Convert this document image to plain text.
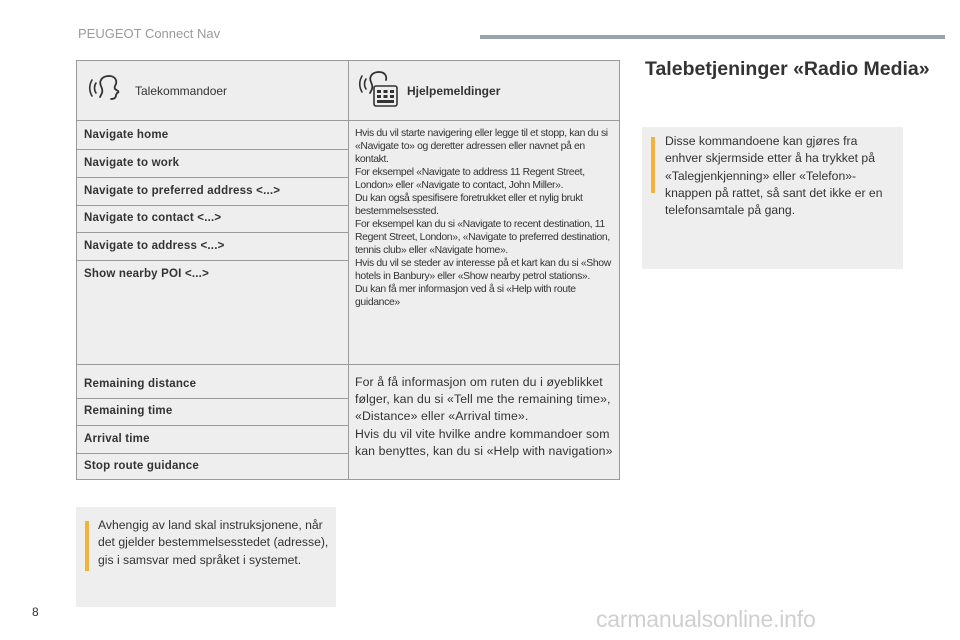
PEUGEOT Connect Nav
Talekommandoer	Hjelpemeldinger
Navigate home
Navigate to work
Navigate to preferred address <...>
Navigate to contact <...>
Navigate to address <...>
Show nearby POI <...>
Hvis du vil starte navigering eller legge til et stopp, kan du si «Navigate to» og deretter adressen eller navnet på en kontakt.
For eksempel «Navigate to address 11 Regent Street, London» eller «Navigate to contact, John Miller».
Du kan også spesifisere foretrukket eller et nylig brukt bestemmelsessted.
For eksempel kan du si «Navigate to recent destination, 11 Regent Street, London», «Navigate to preferred destination, tennis club» eller «Navigate home».
Hvis du vil se steder av interesse på et kart kan du si «Show hotels in Banbury» eller «Show nearby petrol stations».
Du kan få mer informasjon ved å si «Help with route guidance»
Remaining distance
Remaining time
Arrival time
Stop route guidance
For å få informasjon om ruten du i øyeblikket følger, kan du si «Tell me the remaining time», «Distance» eller «Arrival time».
Hvis du vil vite hvilke andre kommandoer som kan benyttes, kan du si «Help with navigation»
Avhengig av land skal instruksjonene, når det gjelder bestemmelsesstedet (adresse), gis i samsvar med språket i systemet.
Talebetjeninger «Radio Media»
Disse kommandoene kan gjøres fra enhver skjermside etter å ha trykket på «Talegjenkjenning» eller «Telefon»-knappen på rattet, så sant det ikke er en telefonsamtale på gang.
8	carmanualsonline.info
